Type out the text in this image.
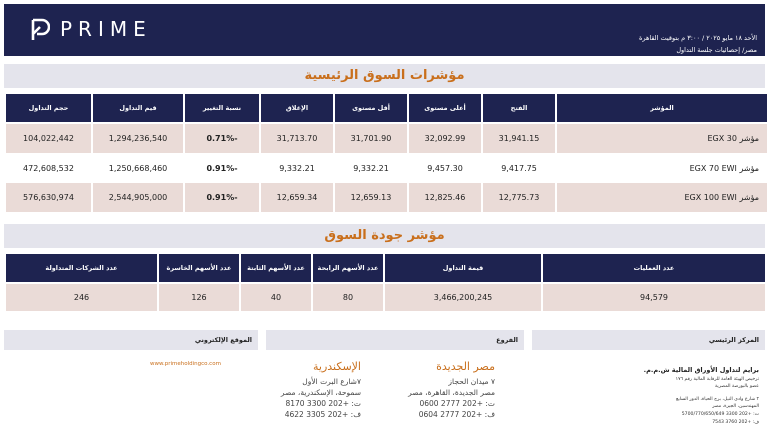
PRIME	الأحد ١٨ مايو ٢٠٢٥ / ٣:٠٠ م بتوقيت القاهرة
مصر/ إحصائيات جلسة التداول
مؤشرات السوق الرئيسية
المؤشر	الفتح	أعلى مستوى	أقل مستوى	الإغلاق	نسبة التغيير	قيم التداول	حجم التداول
مؤشر EGX 30	31,941.15	32,092.99	31,701.90	31,713.70	-0.71%	1,294,236,540	104,022,442
مؤشر EGX 70 EWI	9,417.75	9,457.30	9,332.21	9,332.21	-0.91%	1,250,668,460	472,608,532
مؤشر EGX 100 EWI	12,775.73	12,825.46	12,659.13	12,659.34	-0.91%	2,544,905,000	576,630,974
مؤشر جودة السوق
عدد العمليات	قيمة التداول	عدد الأسهم الرابحة	عدد الأسهم الثابتة	عدد الأسهم الخاسرة	عدد الشركات المتداولة
94,579	3,466,200,245	80	40	126	246
المركز الرئيسي
الفروع
الموقع الإلكتروني
برايم لتداول الأوراق المالية ش.م.م.
ترخيص الهيئة العامة للرقابة المالية رقم ١٧٦
عضو بالبورصة المصرية
٢ شارع وادي النيل، برج الحياة، الدور السابع
المهندسين، الجيزة، مصر
ت: +202 3300 5700/770/650/649
ف: +202 3760 7543
مصر الجديدة
٧ ميدان الحجاز
مصر الجديدة، القاهرة، مصر
ت: +202 2777 0600
ف: +202 2777 0604
الإسكندرية
٧شارع البرت الأول
سموحة، الإسكندرية، مصر
ت: +202 3300 8170
ف: +202 3305 4622
www.primeholdingco.com
